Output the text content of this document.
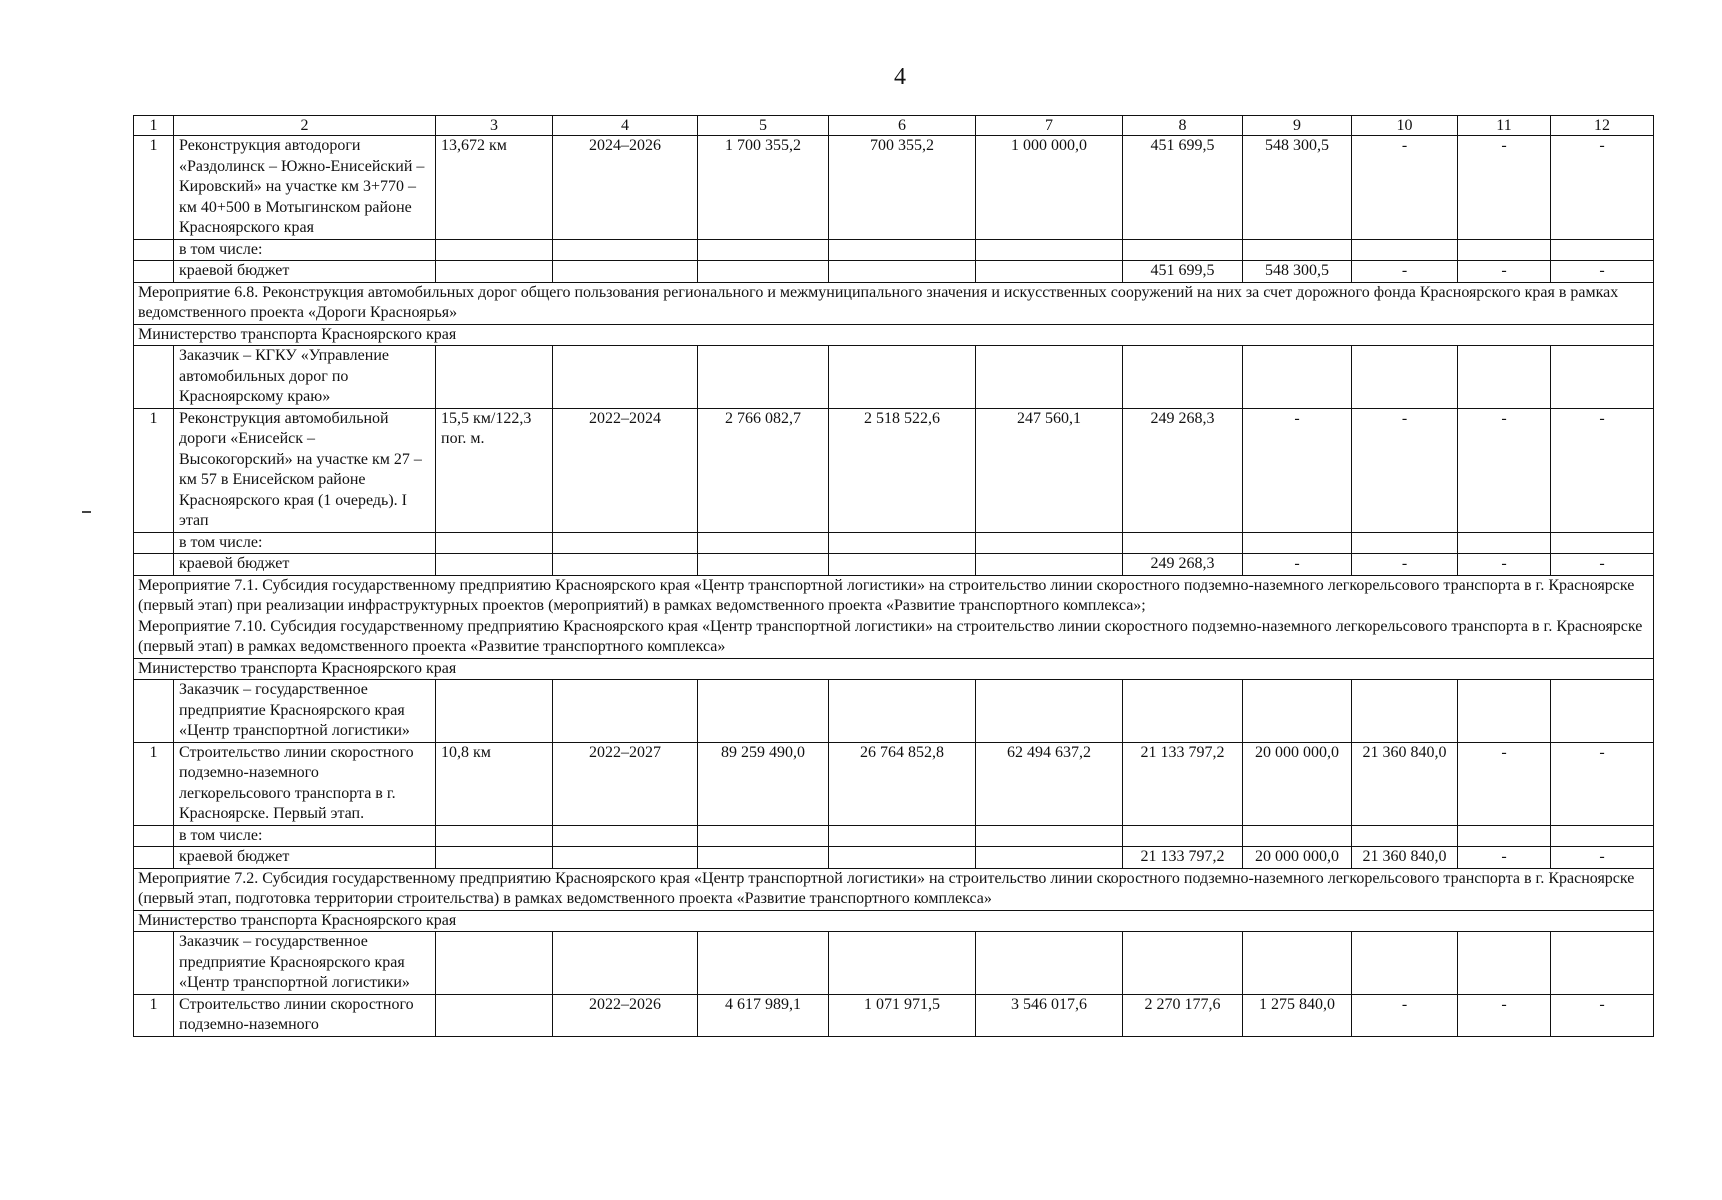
4
1	2	3	4	5	6	7	8	9	10	11	12
1	Реконструкция автодороги «Раздолинск – Южно-Енисейский – Кировский» на участке км 3+770 – км 40+500 в Мотыгинском районе Красноярского края	13,672 км	2024–2026	1 700 355,2	700 355,2	1 000 000,0	451 699,5	548 300,5	-	-	-
	в том числе:										
	краевой бюджет						451 699,5	548 300,5	-	-	-
Мероприятие 6.8. Реконструкция автомобильных дорог общего пользования регионального и межмуниципального значения и искусственных сооружений на них за счет дорожного фонда Красноярского края в рамках ведомственного проекта «Дороги Красноярья»											
Министерство транспорта Красноярского края											
	Заказчик – КГКУ «Управление автомобильных дорог по Красноярскому краю»										
1	Реконструкция автомобильной дороги «Енисейск – Высокогорский» на участке км 27 – км 57 в Енисейском районе Красноярского края (1 очередь). I этап	15,5 км/122,3 пог. м.	2022–2024	2 766 082,7	2 518 522,6	247 560,1	249 268,3	-	-	-	-
	в том числе:										
	краевой бюджет						249 268,3	-	-	-	-
Мероприятие 7.1. Субсидия государственному предприятию Красноярского края «Центр транспортной логистики» на строительство линии скоростного подземно-наземного легкорельсового транспорта в г. Красноярске (первый этап) при реализации инфраструктурных проектов (мероприятий) в рамках ведомственного проекта «Развитие транспортного комплекса»;
Мероприятие 7.10. Субсидия государственному предприятию Красноярского края «Центр транспортной логистики» на строительство линии скоростного подземно-наземного легкорельсового транспорта в г. Красноярске (первый этап) в рамках ведомственного проекта «Развитие транспортного комплекса»											
Министерство транспорта Красноярского края											
	Заказчик – государственное предприятие Красноярского края «Центр транспортной логистики»										
1	Строительство линии скоростного подземно-наземного легкорельсового транспорта в г. Красноярске. Первый этап.	10,8 км	2022–2027	89 259 490,0	26 764 852,8	62 494 637,2	21 133 797,2	20 000 000,0	21 360 840,0	-	-
	в том числе:										
	краевой бюджет						21 133 797,2	20 000 000,0	21 360 840,0	-	-
Мероприятие 7.2. Субсидия государственному предприятию Красноярского края «Центр транспортной логистики» на строительство линии скоростного подземно-наземного легкорельсового транспорта в г. Красноярске (первый этап, подготовка территории строительства) в рамках ведомственного проекта «Развитие транспортного комплекса»											
Министерство транспорта Красноярского края											
	Заказчик – государственное предприятие Красноярского края «Центр транспортной логистики»										
1	Строительство линии скоростного подземно-наземного		2022–2026	4 617 989,1	1 071 971,5	3 546 017,6	2 270 177,6	1 275 840,0	-	-	-
